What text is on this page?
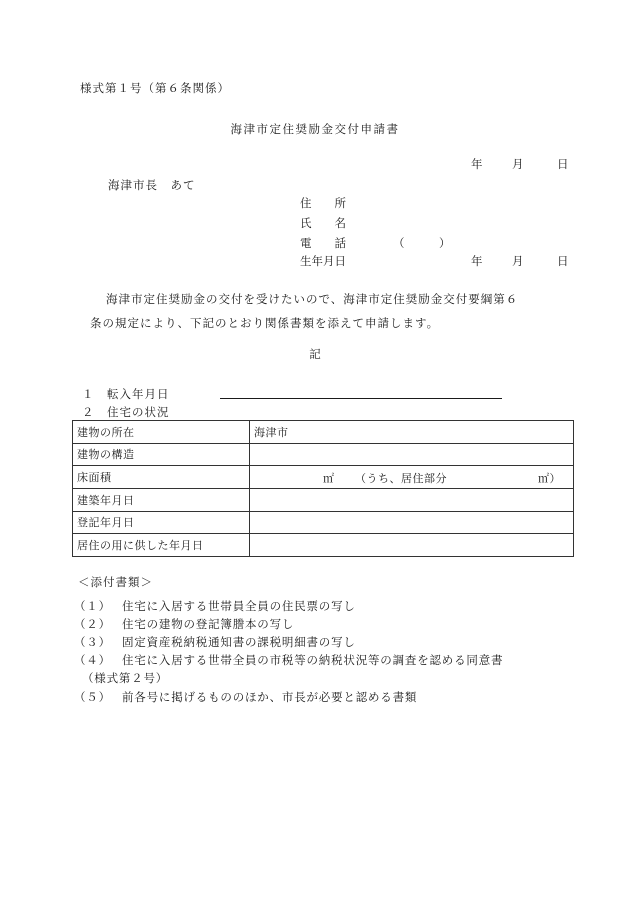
様式第１号（第６条関係）
海津市定住奨励金交付申請書
年	月	日
海津市長　あて
住　　所
氏　　名
電　　話	（　　　）
生年月日	年	月	日
海津市定住奨励金の交付を受けたいので、海津市定住奨励金交付要綱第６
条の規定により、下記のとおり関係書類を添えて申請します。
記
１　転入年月日
２　住宅の状況
建物の所在	海津市
建物の構造	
床面積	㎡ （うち、居住部分 ㎡）

建築年月日	
登記年月日	
居住の用に供した年月日	
＜添付書類＞
（１） 住宅に入居する世帯員全員の住民票の写し
（２） 住宅の建物の登記簿謄本の写し
（３） 固定資産税納税通知書の課税明細書の写し
（４） 住宅に入居する世帯全員の市税等の納税状況等の調査を認める同意書
（様式第２号）
（５） 前各号に掲げるもののほか、市長が必要と認める書類
